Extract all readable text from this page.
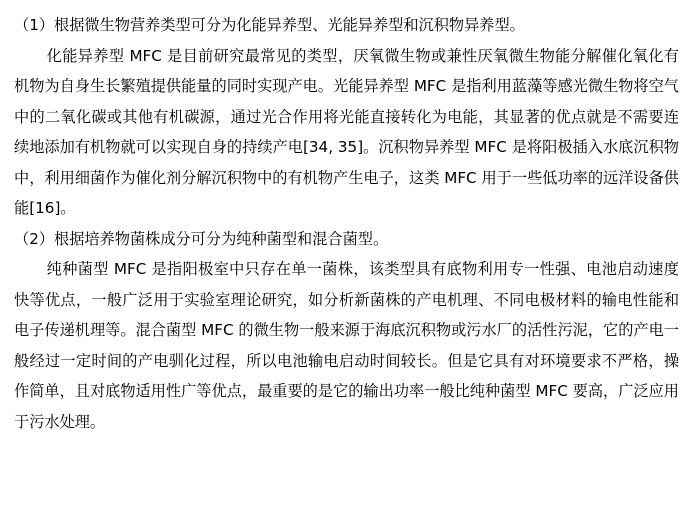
（1）根据微生物营养类型可分为化能异养型、光能异养型和沉积物异养型。

化能异养型 MFC 是目前研究最常见的类型，厌氧微生物或兼性厌氧微生物能分解催化氧化有机物为自身生长繁殖提供能量的同时实现产电。光能异养型 MFC 是指利用蓝藻等感光微生物将空气中的二氧化碳或其他有机碳源，通过光合作用将光能直接转化为电能，其显著的优点就是不需要连续地添加有机物就可以实现自身的持续产电[34, 35]。沉积物异养型 MFC 是将阳极插入水底沉积物中，利用细菌作为催化剂分解沉积物中的有机物产生电子，这类 MFC 用于一些低功率的远洋设备供能[16]。

（2）根据培养物菌株成分可分为纯种菌型和混合菌型。

纯种菌型 MFC 是指阳极室中只存在单一菌株，该类型具有底物利用专一性强、电池启动速度快等优点，一般广泛用于实验室理论研究，如分析新菌株的产电机理、不同电极材料的输电性能和电子传递机理等。混合菌型 MFC 的微生物一般来源于海底沉积物或污水厂的活性污泥，它的产电一般经过一定时间的产电驯化过程，所以电池输电启动时间较长。但是它具有对环境要求不严格，操作简单，且对底物适用性广等优点，最重要的是它的输出功率一般比纯种菌型 MFC 要高，广泛应用于污水处理。
